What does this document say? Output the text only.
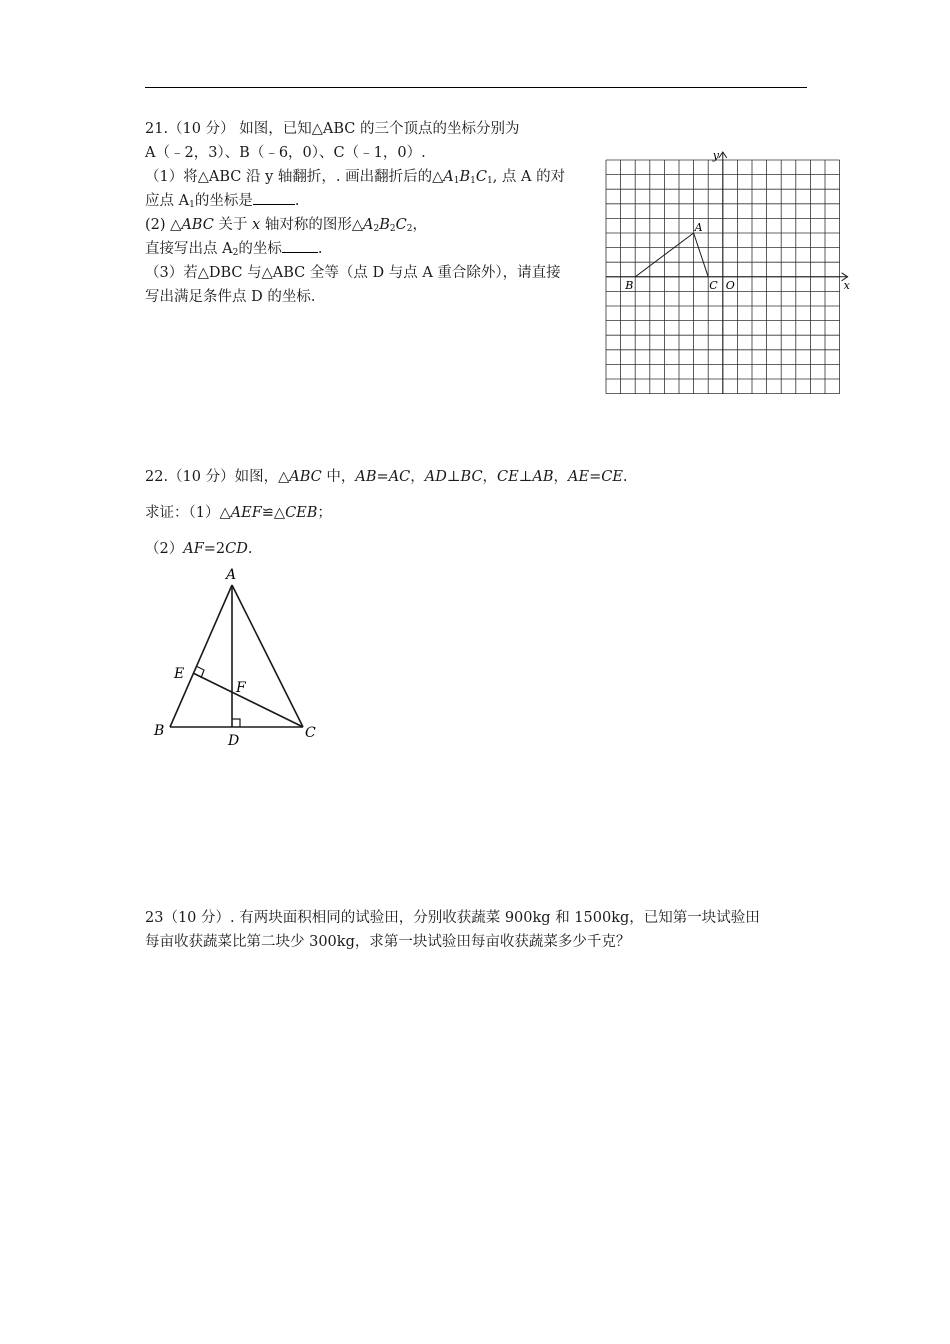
21.（10 分） 如图，已知△ABC 的三个顶点的坐标分别为
A（﹣2，3）、B（﹣6，0）、C（﹣1，0）.
（1）将△ABC 沿 y 轴翻折，. 画出翻折后的$\triangle A_1B_1C_1$, 点 A 的对
应点 $A_1$的坐标是	.
(2) △ABC 关于 x 轴对称的图形$\triangle A_2B_2C_2$，
直接写出点 $A_2$的坐标 .
（3）若△DBC 与△ABC 全等（点 D 与点 A 重合除外），请直接
写出满足条件点 D 的坐标.
x
y
O
A
B	C
22.（10 分）如图，△ABC 中，AB=AC，AD⊥BC，CE⊥AB，AE=CE.
求证：（1）△AEF≌△CEB；
（2）AF=2CD.
A
B	C
D
E
F
23（10 分）. 有两块面积相同的试验田，分别收获蔬菜 900kg 和 1500kg，已知第一块试验田
每亩收获蔬菜比第二块少 300kg，求第一块试验田每亩收获蔬菜多少千克？
